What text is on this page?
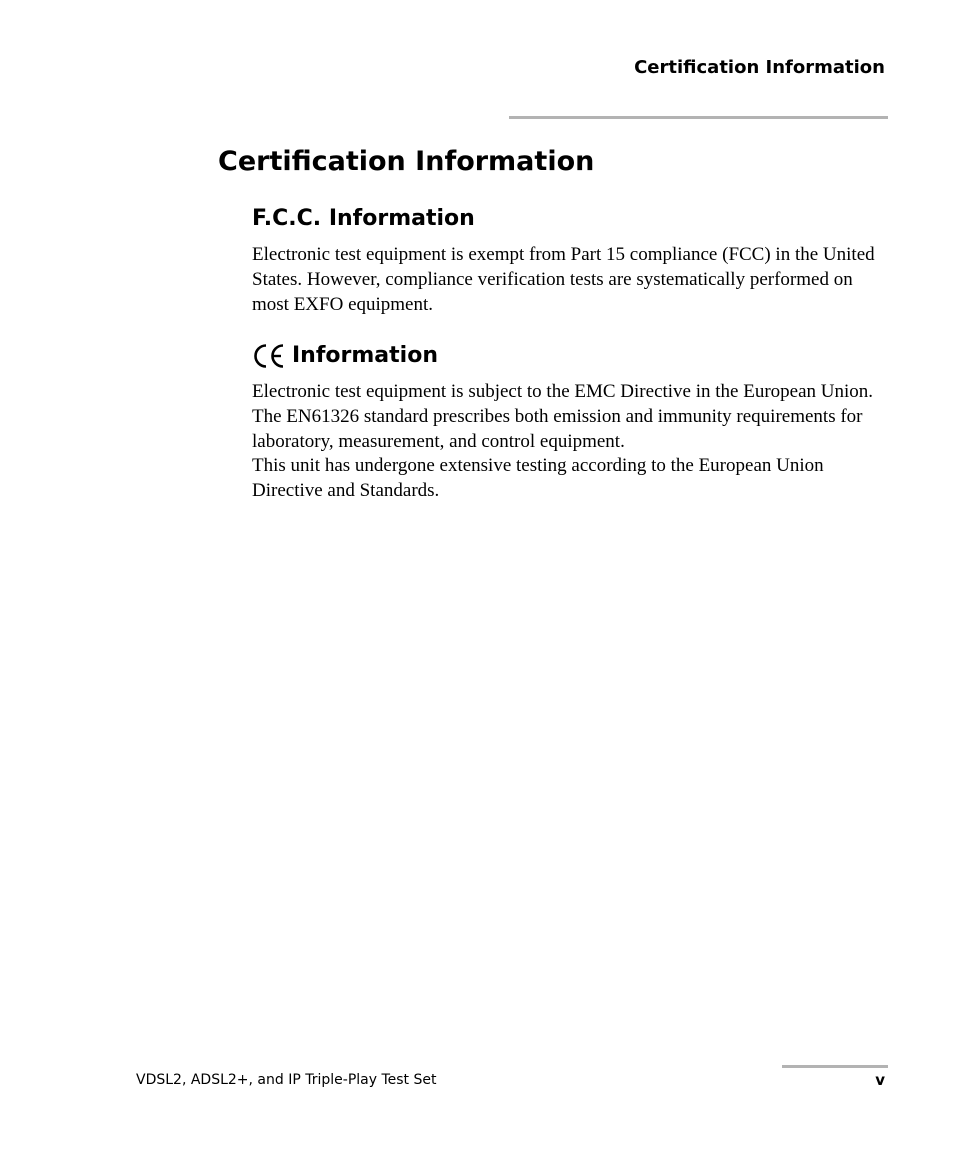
Certification Information
Certification Information
F.C.C. Information

Electronic test equipment is exempt from Part 15 compliance (FCC) in the United States. However, compliance verification tests are systematically performed on most EXFO equipment.

Information

Electronic test equipment is subject to the EMC Directive in the European Union. The EN61326 standard prescribes both emission and immunity requirements for laboratory, measurement, and control equipment.

This unit has undergone extensive testing according to the European Union Directive and Standards.

VDSL2, ADSL2+, and IP Triple-Play Test Set	v
